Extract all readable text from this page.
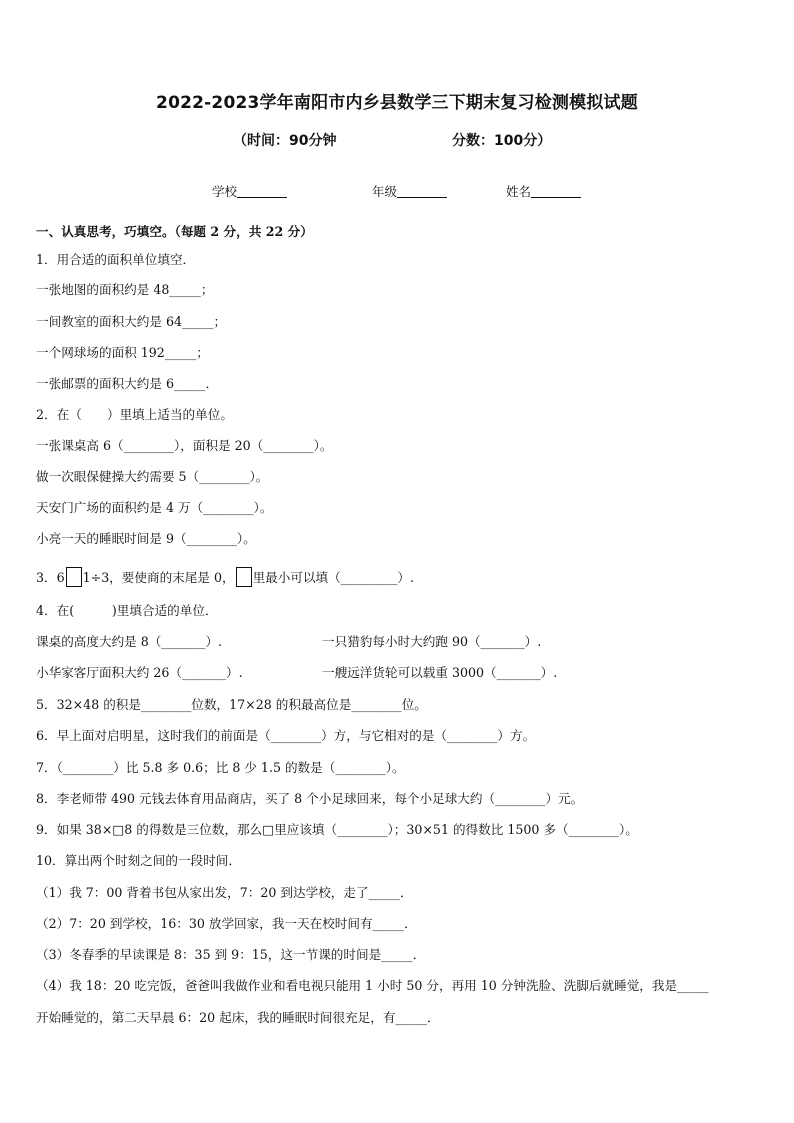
2022-2023学年南阳市内乡县数学三下期末复习检测模拟试题
（时间：90分钟	分数：100分）
学校	年级	姓名
一、认真思考，巧填空。（每题 2 分，共 22 分）
1．用合适的面积单位填空．
一张地图的面积约是 48_____；
一间教室的面积大约是 64_____；
一个网球场的面积 192_____；
一张邮票的面积大约是 6_____．
2．在（　　）里填上适当的单位。
一张课桌高 6（________），面积是 20（________）。
做一次眼保健操大约需要 5（________）。
天安门广场的面积约是 4 万（________）。
小亮一天的睡眠时间是 9（________）。
3．6 1÷3，要使商的末尾是 0， 里最小可以填（_________）.
4．在(　　　)里填合适的单位．
课桌的高度大约是 8（_______）.	一只猎豹每小时大约跑 90（_______）.
小华家客厅面积大约 26（_______）.	一艘远洋货轮可以载重 3000（_______）.
5．32×48 的积是________位数，17×28 的积最高位是________位。
6．早上面对启明星，这时我们的前面是（________）方，与它相对的是（________）方。
7．（________）比 5.8 多 0.6；比 8 少 1.5 的数是（________）。
8．李老师带 490 元钱去体育用品商店，买了 8 个小足球回来，每个小足球大约（________）元。
9．如果 38×□8 的得数是三位数，那么□里应该填（________）；30×51 的得数比 1500 多（________）。
10．算出两个时刻之间的一段时间．
（1）我 7：00 背着书包从家出发，7：20 到达学校，走了_____．
（2）7：20 到学校，16：30 放学回家，我一天在校时间有_____．
（3）冬春季的早读课是 8：35 到 9：15，这一节课的时间是_____．
（4）我 18：20 吃完饭，爸爸叫我做作业和看电视只能用 1 小时 50 分，再用 10 分钟洗脸、洗脚后就睡觉，我是_____
开始睡觉的，第二天早晨 6：20 起床，我的睡眠时间很充足，有_____．
